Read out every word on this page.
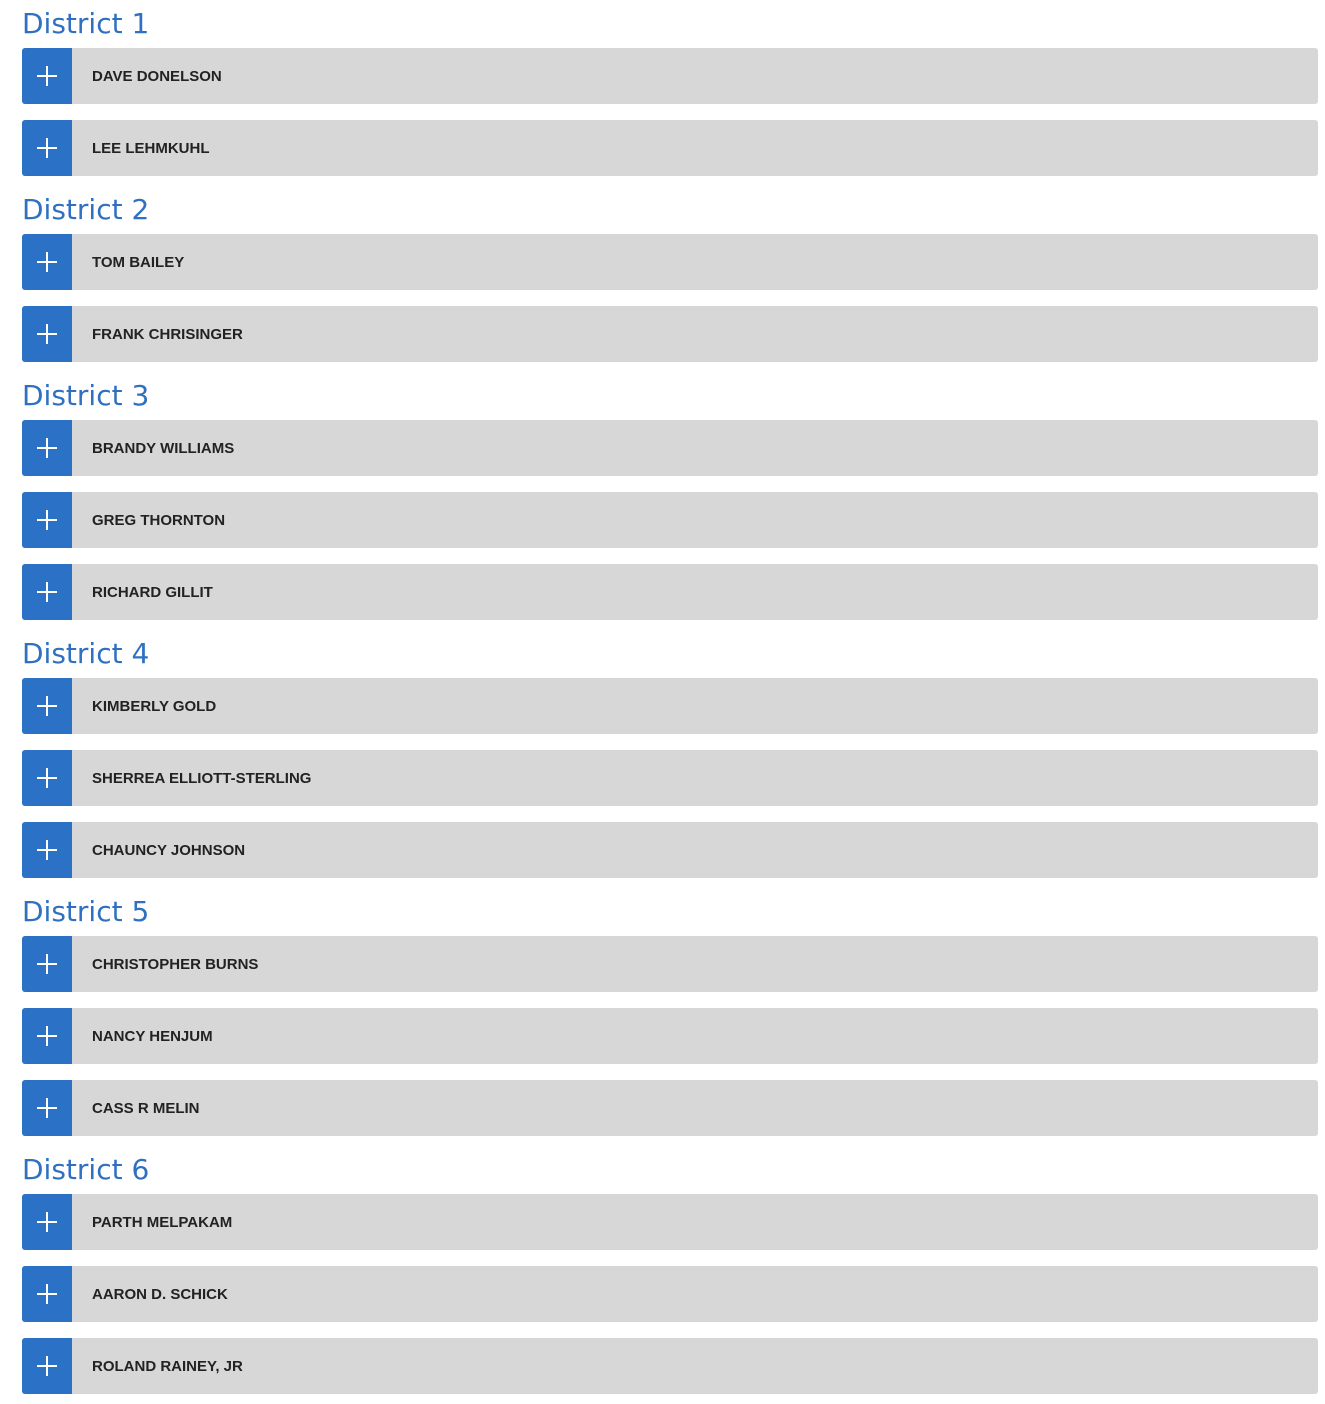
District 1
DAVE DONELSON
LEE LEHMKUHL
District 2
TOM BAILEY
FRANK CHRISINGER
District 3
BRANDY WILLIAMS
GREG THORNTON
RICHARD GILLIT
District 4
KIMBERLY GOLD
SHERREA ELLIOTT-STERLING
CHAUNCY JOHNSON
District 5
CHRISTOPHER BURNS
NANCY HENJUM
CASS R MELIN
District 6
PARTH MELPAKAM
AARON D. SCHICK
ROLAND RAINEY, JR
